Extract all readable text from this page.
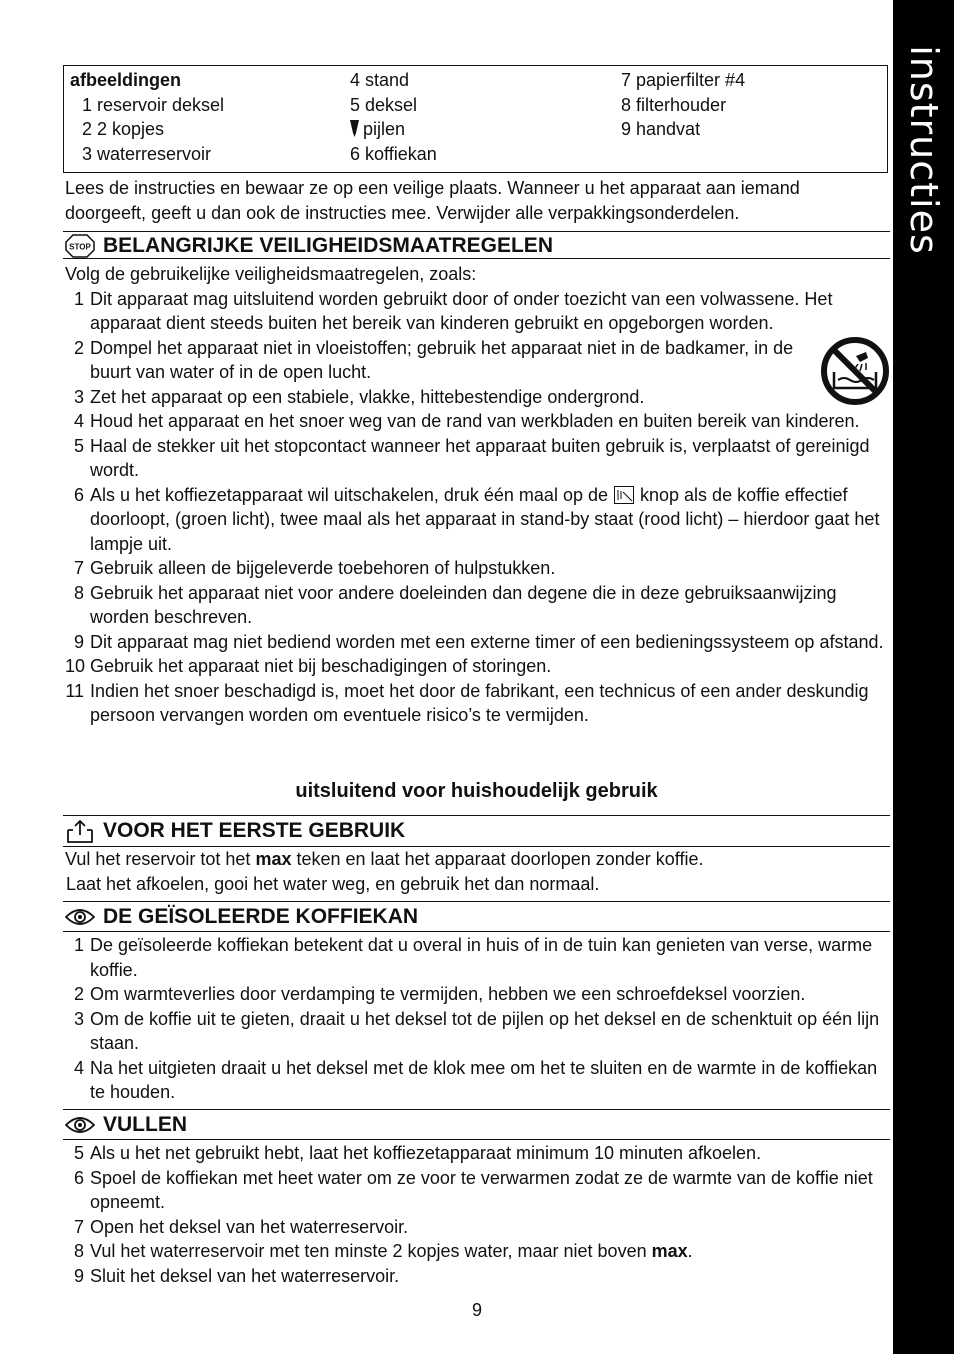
instructies
afbeeldingen
1 reservoir deksel
2 2 kopjes
3 waterreservoir
4 stand
5 deksel
pijlen
6 koffiekan
7 papierfilter #4
8 filterhouder
9 handvat
Lees de instructies en bewaar ze op een veilige plaats. Wanneer u het apparaat aan iemand doorgeeft, geeft u dan ook de instructies mee. Verwijder alle verpakkingsonderdelen.
STOP BELANGRIJKE VEILIGHEIDSMAATREGELEN
Volg de gebruikelijke veiligheidsmaatregelen, zoals:
1 Dit apparaat mag uitsluitend worden gebruikt door of onder toezicht van een volwassene. Het apparaat dient steeds buiten het bereik van kinderen gebruikt en opgeborgen worden.
2 Dompel het apparaat niet in vloeistoffen; gebruik het apparaat niet in de badkamer, in de buurt van water of in de open lucht.
3 Zet het apparaat op een stabiele, vlakke, hittebestendige ondergrond.
4 Houd het apparaat en het snoer weg van de rand van werkbladen en buiten bereik van kinderen.
5 Haal de stekker uit het stopcontact wanneer het apparaat buiten gebruik is, verplaatst of gereinigd wordt.
6 Als u het koffiezetapparaat wil uitschakelen, druk één maal op de knop als de koffie effectief doorloopt, (groen licht), twee maal als het apparaat in stand-by staat (rood licht) – hierdoor gaat het lampje uit.
7 Gebruik alleen de bijgeleverde toebehoren of hulpstukken.
8 Gebruik het apparaat niet voor andere doeleinden dan degene die in deze gebruiksaanwijzing worden beschreven.
9 Dit apparaat mag niet bediend worden met een externe timer of een bedieningssysteem op afstand.
10 Gebruik het apparaat niet bij beschadigingen of storingen.
11 Indien het snoer beschadigd is, moet het door de fabrikant, een technicus of een ander deskundig persoon vervangen worden om eventuele risico’s te vermijden.
uitsluitend voor huishoudelijk gebruik
VOOR HET EERSTE GEBRUIK
Vul het reservoir tot het max teken en laat het apparaat doorlopen zonder koffie.
Laat het afkoelen, gooi het water weg, en gebruik het dan normaal.
DE GEÏSOLEERDE KOFFIEKAN
1 De geïsoleerde koffiekan betekent dat u overal in huis of in de tuin kan genieten van verse, warme koffie.
2 Om warmteverlies door verdamping te vermijden, hebben we een schroefdeksel voorzien.
3 Om de koffie uit te gieten, draait u het deksel tot de pijlen op het deksel en de schenktuit op één lijn staan.
4 Na het uitgieten draait u het deksel met de klok mee om het te sluiten en de warmte in de koffiekan te houden.
VULLEN
5 Als u het net gebruikt hebt, laat het koffiezetapparaat minimum 10 minuten afkoelen.
6 Spoel de koffiekan met heet water om ze voor te verwarmen zodat ze de warmte van de koffie niet opneemt.
7 Open het deksel van het waterreservoir.
8 Vul het waterreservoir met ten minste 2 kopjes water, maar niet boven max.
9 Sluit het deksel van het waterreservoir.
9
